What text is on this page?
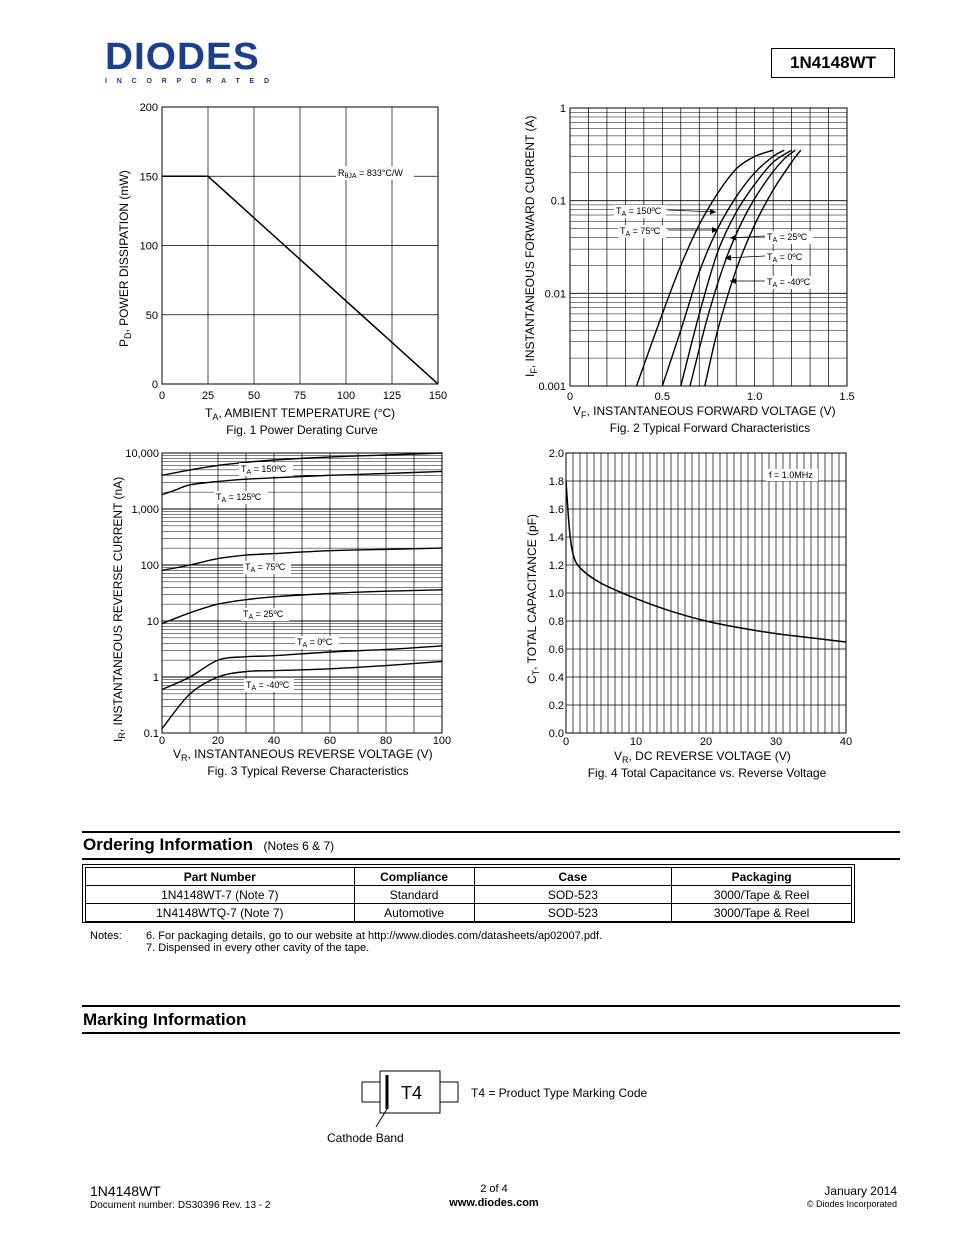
DIODES
INCORPORATED
1N4148WT
0	25	50	75	100	125	150
0
50
100
150
200
$R_{\theta JA} = 833^\circ C/W$
$P_D$, POWER DISSIPATION (mW)
$T_A$, AMBIENT TEMPERATURE (°C)
Fig. 1 Power Derating Curve
0	0.5	1.0	1.5
0.001
0.01
0.1
1
$T_A$ = 150ºC
$T_A$ = 75ºC
$T_A$ = 25ºC
$T_A$ = 0ºC
$T_A$ = -40ºC
$I_F$, INSTANTANEOUS FORWARD CURRENT (A)
$V_F$, INSTANTANEOUS FORWARD VOLTAGE (V)
Fig. 2 Typical Forward Characteristics
0	20	40	60	80	100
0.1
1
10
100
1,000
10,000
$T_A$ = 150ºC
$T_A$ = 125ºC
$T_A$ = 75ºC
$T_A$ = 25ºC
$T_A$ = 0ºC
$T_A$ = -40ºC
$I_R$, INSTANTANEOUS REVERSE CURRENT (nA)
$V_R$, INSTANTANEOUS REVERSE VOLTAGE (V)
Fig. 3 Typical Reverse Characteristics
0	10	20	30	40
0.0
0.2
0.4
0.6
0.8
1.0
1.2
1.4
1.6
1.8
2.0
f = 1.0MHz
$C_T$, TOTAL CAPACITANCE (pF)
$V_R$, DC REVERSE VOLTAGE (V)
Fig. 4 Total Capacitance vs. Reverse Voltage
Ordering Information (Notes 6 & 7)
Part Number	Compliance	Case	Packaging
1N4148WT-7 (Note 7)	Standard	SOD-523	3000/Tape & Reel
1N4148WTQ-7 (Note 7)	Automotive	SOD-523	3000/Tape & Reel
Notes: 6. For packaging details, go to our website at http://www.diodes.com/datasheets/ap02007.pdf.
7. Dispensed in every other cavity of the tape.
Marking Information
T4	T4 = Product Type Marking Code
Cathode Band
1N4148WT
Document number: DS30396 Rev. 13 - 2
2 of 4
www.diodes.com
January 2014
© Diodes Incorporated
